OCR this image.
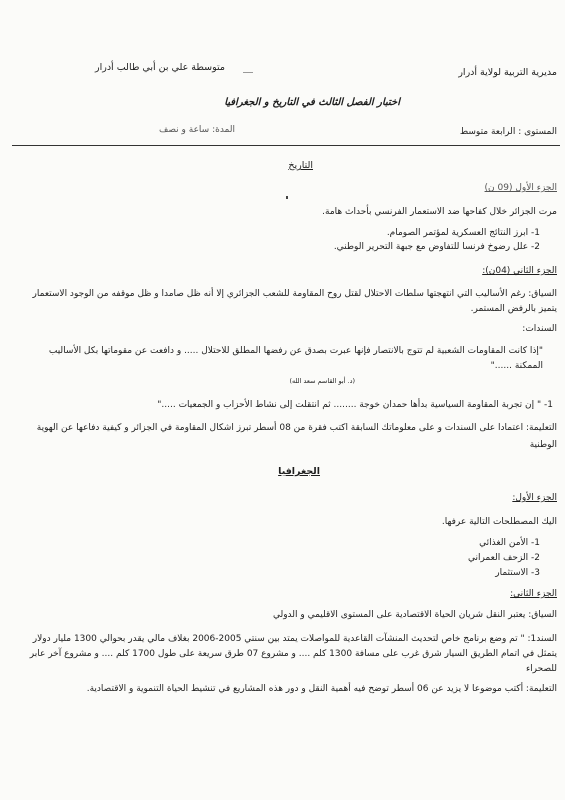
مديرية التربية لولاية أدرار
متوسطة علي بن أبي طالب أدرار
اختبار الفصل الثالث في التاريخ و الجغرافيا
المستوى : الرابعة متوسط
المدة: ساعة و نصف
التاريخ
الجزء الأول (09 ن)
مرت الجزائر خلال كفاحها ضد الاستعمار الفرنسي بأحداث هامة.
1- ابرز النتائج العسكرية لمؤتمر الصومام.
2- علل رضوخ فرنسا للتفاوض مع جبهة التحرير الوطني.
الجزء الثاني (04ن):
السياق: رغم الأساليب التي انتهجتها سلطات الاحتلال لقتل روح المقاومة للشعب الجزائري إلا أنه ظل صامدا و ظل موقفه من الوجود الاستعمار يتميز بالرفض المستمر.
السندات:
"إذا كانت المقاومات الشعبية لم تتوج بالانتصار فإنها عبرت بصدق عن رفضها المطلق للاحتلال ..... و دافعت عن مقوماتها بكل الأساليب الممكنة ......"
(د. أبو القاسم سعد الله)
1- " إن تجربة المقاومة السياسية بدأها حمدان خوجة ........ ثم انتقلت إلى نشاط الأحزاب و الجمعيات ....."
التعليمة: اعتمادا على السندات و على معلوماتك السابقة اكتب فقرة من 08 أسطر تبرز اشكال المقاومة في الجزائر و كيفية دفاعها عن الهوية الوطنية
الجغرافيا
الجزء الأول:
اليك المصطلحات التالية عرفها.
1- الأمن الغذائي
2- الزحف العمراني
3- الاستثمار
الجزء الثاني:
السياق: يعتبر النقل شريان الحياة الاقتصادية على المستوى الاقليمي و الدولي
السند1: " تم وضع برنامج خاص لتحديث المنشآت القاعدية للمواصلات يمتد بين سنتي 2005-2006 بغلاف مالي يقدر بحوالي 1300 مليار دولار يتمثل في اتمام الطريق السيار شرق غرب على مسافة 1300 كلم .... و مشروع 07 طرق سريعة على طول 1700 كلم .... و مشروع آخر عابر للصحراء
التعليمة: أكتب موضوعا لا يزيد عن 06 أسطر توضح فيه أهمية النقل و دور هذه المشاريع في تنشيط الحياة التنموية و الاقتصادية.
